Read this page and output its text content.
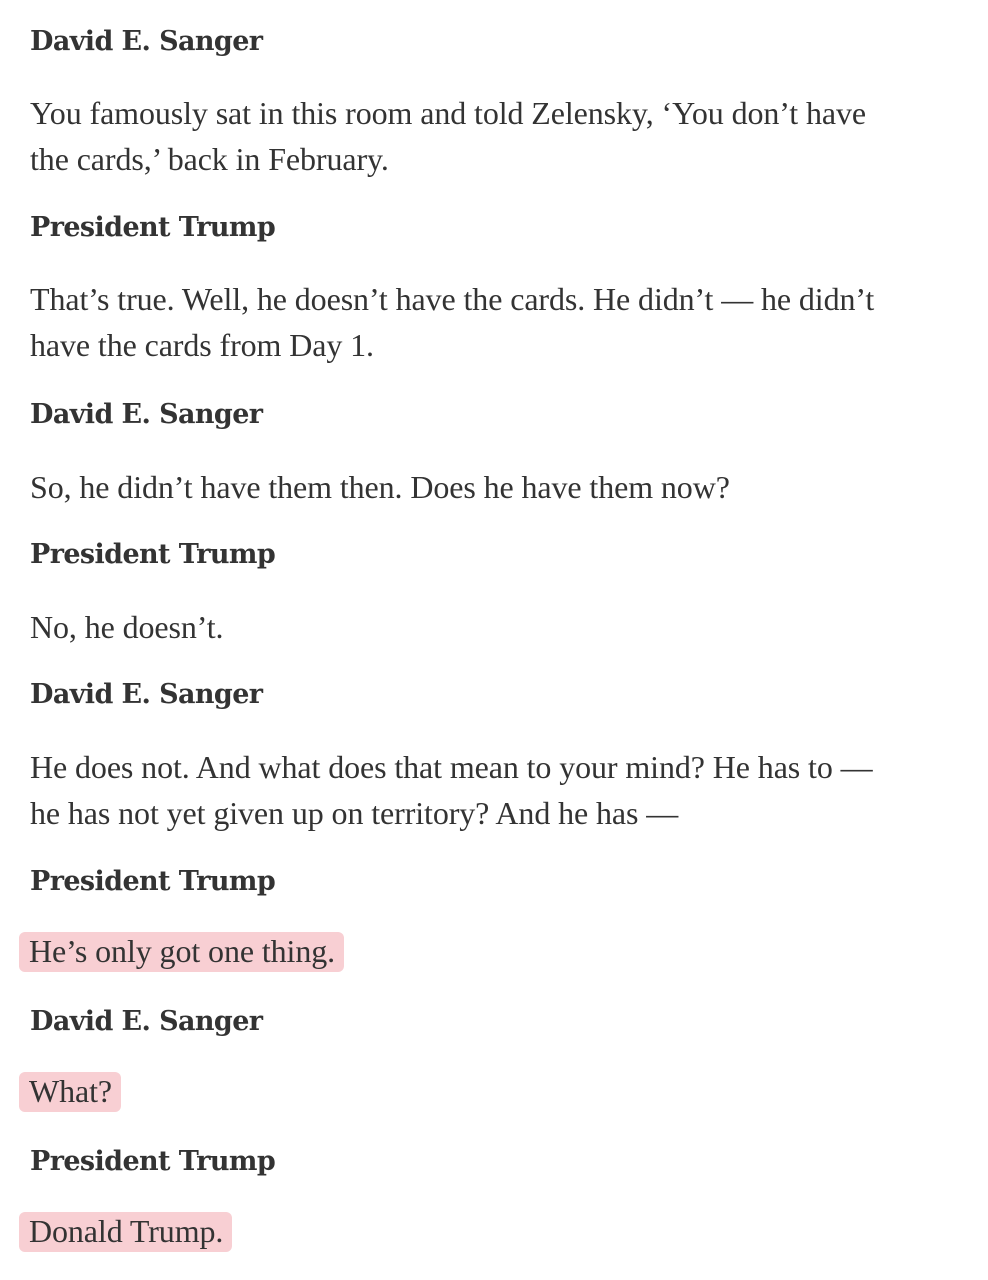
David E. Sanger
You famously sat in this room and told Zelensky, ‘You don’t have
the cards,’ back in February.
President Trump
That’s true. Well, he doesn’t have the cards. He didn’t — he didn’t
have the cards from Day 1.
David E. Sanger
So, he didn’t have them then. Does he have them now?
President Trump
No, he doesn’t.
David E. Sanger
He does not. And what does that mean to your mind? He has to —
he has not yet given up on territory? And he has —
President Trump
He’s only got one thing.
David E. Sanger
What?
President Trump
Donald Trump.
